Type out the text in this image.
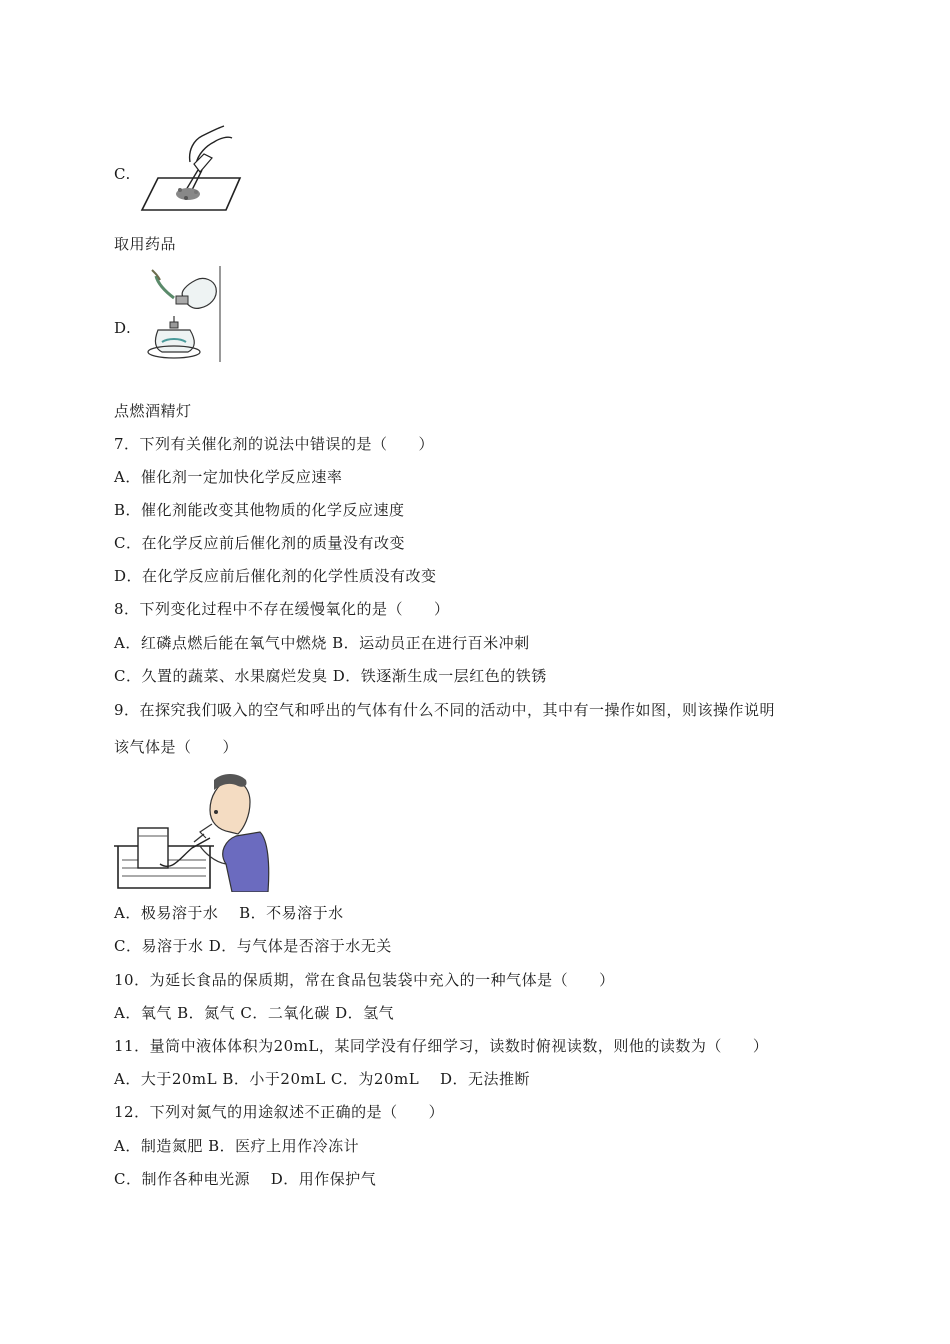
C.
取用药品
D.
点燃酒精灯
7．下列有关催化剂的说法中错误的是（　　）
A．催化剂一定加快化学反应速率
B．催化剂能改变其他物质的化学反应速度
C．在化学反应前后催化剂的质量没有改变
D．在化学反应前后催化剂的化学性质没有改变
8．下列变化过程中不存在缓慢氧化的是（　　）
A．红磷点燃后能在氧气中燃烧 B．运动员正在进行百米冲刺
C．久置的蔬菜、水果腐烂发臭 D．铁逐渐生成一层红色的铁锈
9．在探究我们吸入的空气和呼出的气体有什么不同的活动中，其中有一操作如图，则该操作说明
该气体是（　　）
A．极易溶于水　 B．不易溶于水
C．易溶于水 D．与气体是否溶于水无关
10．为延长食品的保质期，常在食品包装袋中充入的一种气体是（　　）
A．氧气 B．氮气 C．二氧化碳 D．氢气
11．量筒中液体体积为20mL，某同学没有仔细学习，读数时俯视读数，则他的读数为（　　）
A．大于20mL B．小于20mL C．为20mL　 D．无法推断
12．下列对氮气的用途叙述不正确的是（　　）
A．制造氮肥 B．医疗上用作冷冻计
C．制作各种电光源　 D．用作保护气
